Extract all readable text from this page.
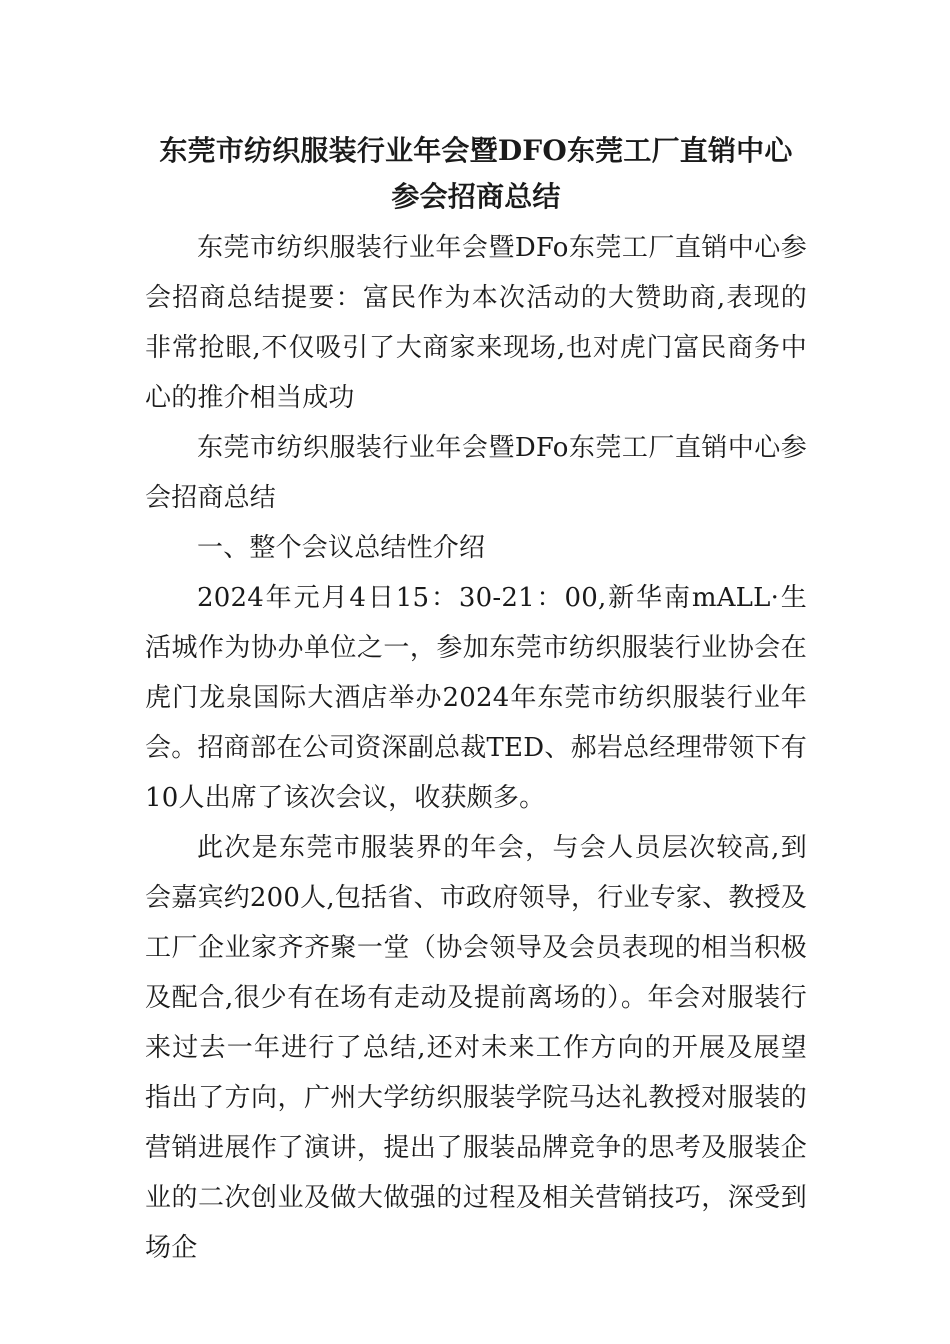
东莞市纺织服装行业年会暨DFO东莞工厂直销中心
参会招商总结

东莞市纺织服装行业年会暨DFo东莞工厂直销中心参会招商总结提要：富民作为本次活动的大赞助商,表现的非常抢眼,不仅吸引了大商家来现场,也对虎门富民商务中心的推介相当成功

东莞市纺织服装行业年会暨DFo东莞工厂直销中心参会招商总结

一、整个会议总结性介绍

2024年元月4日15：30-21：00,新华南mALL·生活城作为协办单位之一，参加东莞市纺织服装行业协会在虎门龙泉国际大酒店举办2024年东莞市纺织服装行业年会。招商部在公司资深副总裁TED、郝岩总经理带领下有10人出席了该次会议，收获颇多。

此次是东莞市服装界的年会，与会人员层次较高,到会嘉宾约200人,包括省、市政府领导，行业专家、教授及工厂企业家齐齐聚一堂（协会领导及会员表现的相当积极及配合,很少有在场有走动及提前离场的）。年会对服装行来过去一年进行了总结,还对未来工作方向的开展及展望指出了方向，广州大学纺织服装学院马达礼教授对服装的营销进展作了演讲，提出了服装品牌竞争的思考及服装企业的二次创业及做大做强的过程及相关营销技巧，深受到场企
